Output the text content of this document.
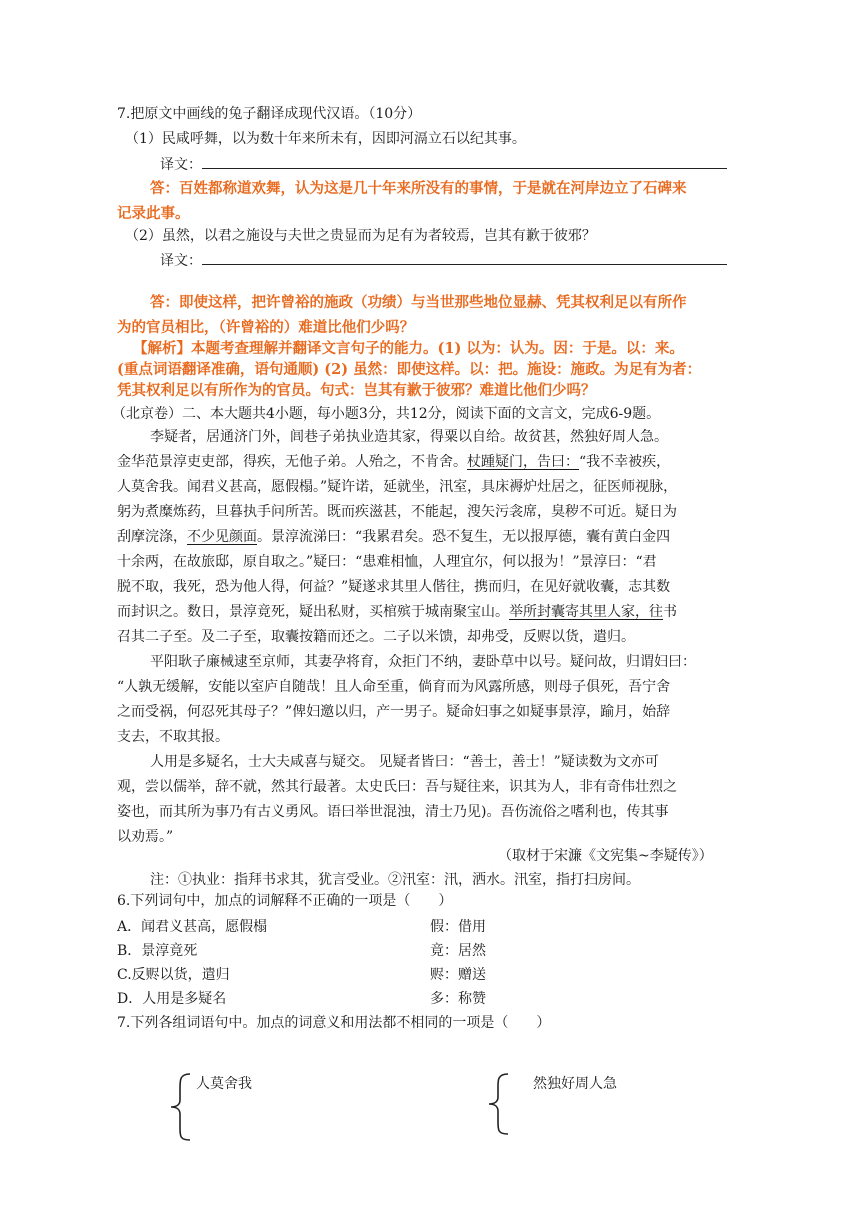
7.把原文中画线的兔子翻译成现代汉语。（10分）
（1）民咸呼舞，以为数十年来所未有，因即河滆立石以纪其事。
译文：
答：百姓都称道欢舞，认为这是几十年来所没有的事情，于是就在河岸边立了石碑来
记录此事。
（2）虽然，以君之施设与夫世之贵显而为足有为者较焉，岂其有歉于彼邪？
译文：
答：即使这样，把许曾裕的施政（功绩）与当世那些地位显赫、凭其权利足以有所作
为的官员相比，（许曾裕的）难道比他们少吗？
【解析】本题考查理解并翻译文言句子的能力。(1) 以为：认为。因：于是。以：来。
(重点词语翻译准确，语句通顺) (2) 虽然：即使这样。以：把。施设：施政。为足有为者：
凭其权利足以有所作为的官员。句式：岂其有歉于彼邪？难道比他们少吗？
（北京卷）二、本大题共4小题，每小题3分，共12分，阅读下面的文言文，完成6-9题。
李疑者，居通济门外，闾巷子弟执业造其家，得粟以自给。故贫甚，然独好周人急。
金华范景淳吏吏部，得疾，无他子弟。人殆之，不肯舍。杖踵疑门，告曰：“我不幸被疾，
人莫舍我。闻君义甚高，愿假榻。”疑许诺，延就坐，汛室，具床褥炉灶居之，征医师视脉，
躬为煮糜炼药，旦暮执手问所苦。既而疾滋甚，不能起，溲矢污衾席，臭秽不可近。疑日为
刮摩浣涤，不少见颜面。景淳流涕曰：“我累君矣。恐不复生，无以报厚德，囊有黄白金四
十余两，在故旅邸，原自取之。”疑曰：“患难相恤，人理宜尔，何以报为！”景淳曰：“君
脱不取，我死，恐为他人得，何益？”疑遂求其里人偕往，携而归，在见好就收囊，志其数
而封识之。数日，景淳竟死，疑出私财，买棺殡于城南聚宝山。举所封囊寄其里人家，往书
召其二子至。及二子至，取囊按籍而还之。二子以米馈，却弗受，反赆以货，遣归。
平阳耿子廉械逮至京师，其妻孕将育，众拒门不纳，妻卧草中以号。疑问故，归谓妇曰：
“人孰无缓解，安能以室庐自随哉！且人命至重，倘育而为风露所感，则母子俱死，吾宁舍
之而受祸，何忍死其母子？”俾妇邀以归，产一男子。疑命妇事之如疑事景淳，踰月，始辞
支去，不取其报。
人用是多疑名，士大夫咸喜与疑交。 见疑者皆曰：“善士，善士！”疑读数为文亦可
观，尝以儒举，辞不就，然其行最著。太史氏曰：吾与疑往来，识其为人，非有奇伟壮烈之
姿也，而其所为事乃有古义勇风。语曰举世混浊，清士乃见)。吾伤流俗之嗜利也，传其事
以劝焉。”
（取材于宋濂《文宪集~李疑传》）
注：①执业：指拜书求其，犹言受业。②汛室：汛，洒水。汛室，指打扫房间。
6.下列词句中，加点的词解释不正确的一项是（　　）
A．闻君义甚高，愿假榻	假：借用
B．景淳竟死	竟：居然
C.反赆以货，遣归	赆：赠送
D．人用是多疑名	多：称赞
7.下列各组词语句中。加点的词意义和用法都不相同的一项是（　　）
人莫舍我	然独好周人急
